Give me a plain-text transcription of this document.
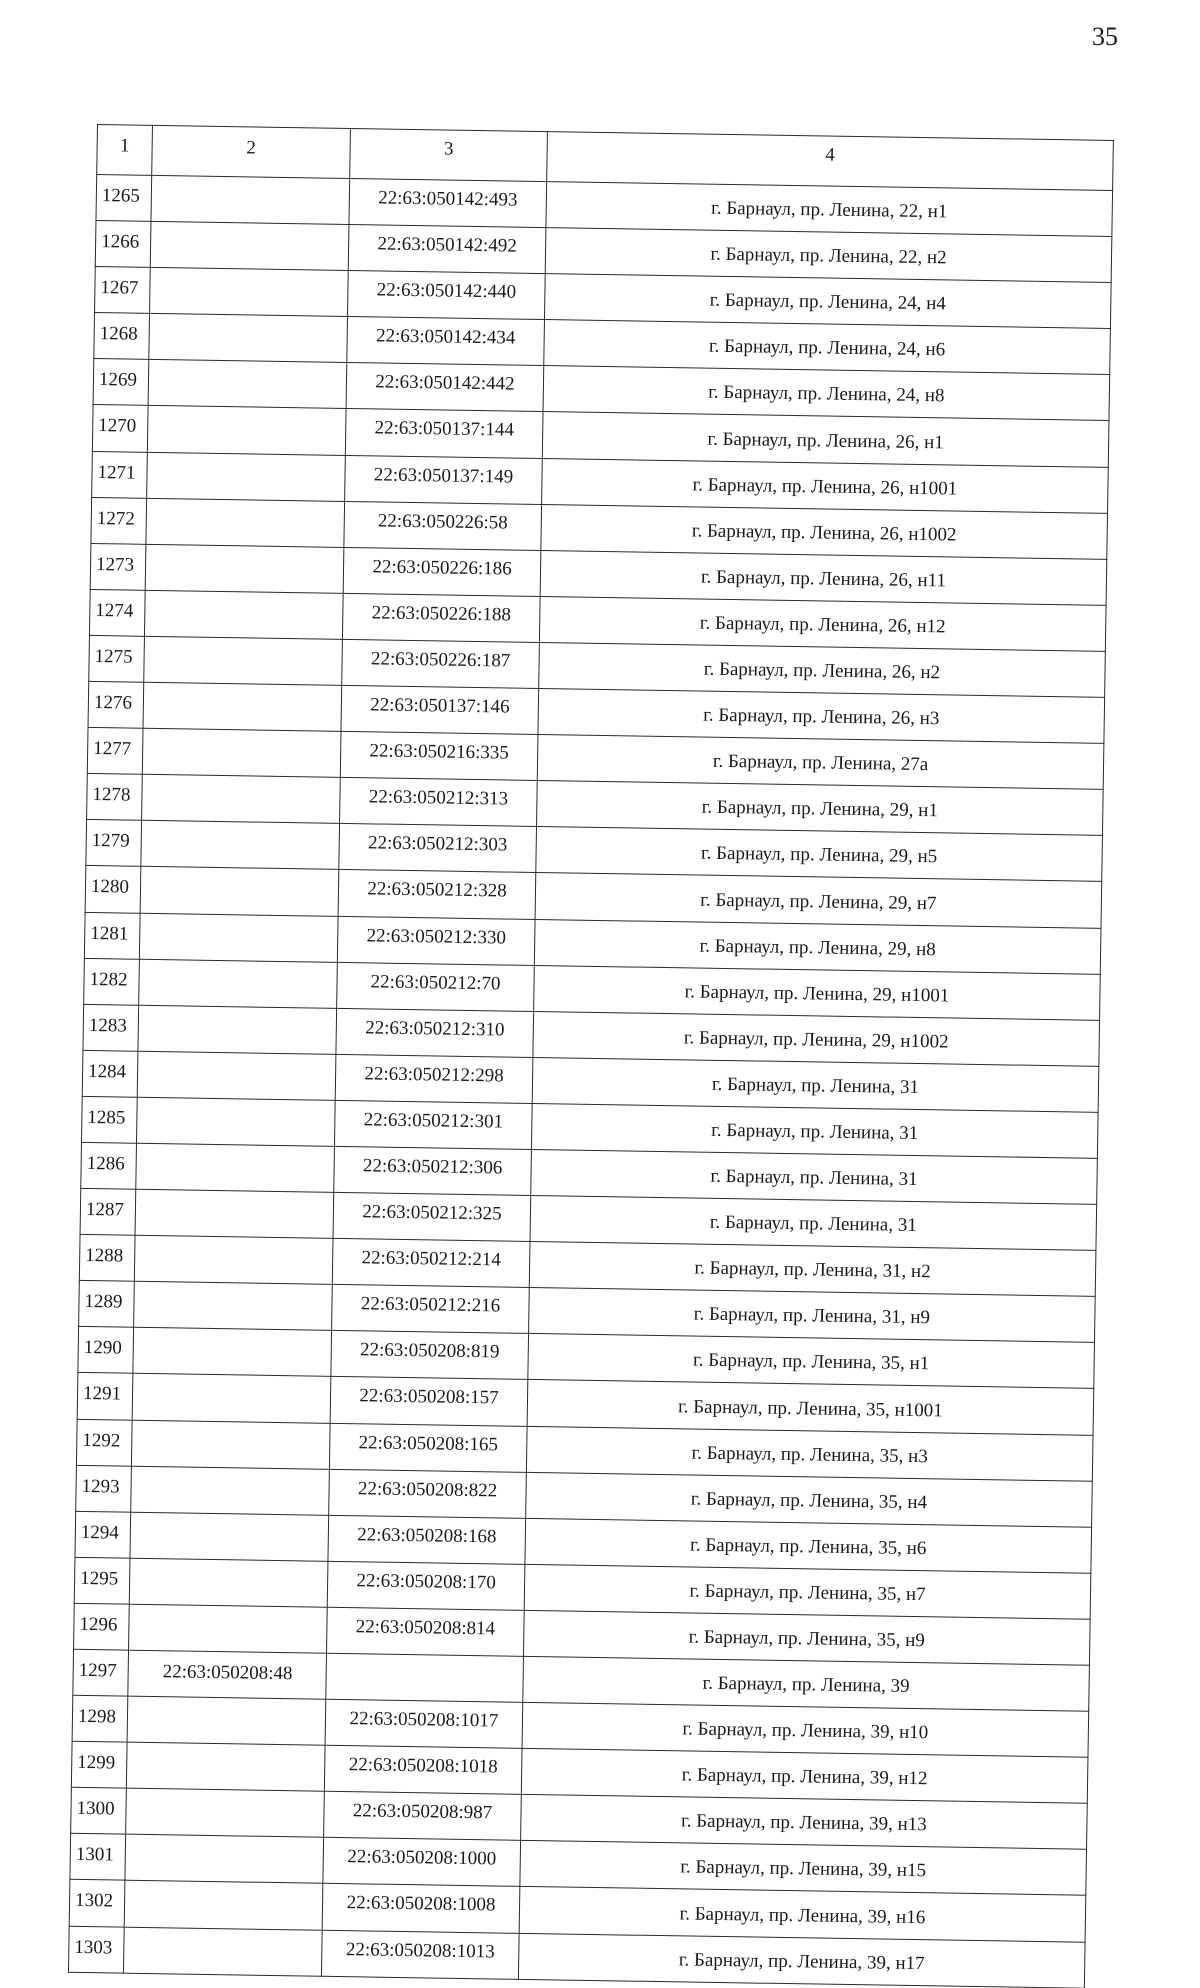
35
1	2	3	4
1265		22:63:050142:493	г. Барнаул, пр. Ленина, 22, н1
1266		22:63:050142:492	г. Барнаул, пр. Ленина, 22, н2
1267		22:63:050142:440	г. Барнаул, пр. Ленина, 24, н4
1268		22:63:050142:434	г. Барнаул, пр. Ленина, 24, н6
1269		22:63:050142:442	г. Барнаул, пр. Ленина, 24, н8
1270		22:63:050137:144	г. Барнаул, пр. Ленина, 26, н1
1271		22:63:050137:149	г. Барнаул, пр. Ленина, 26, н1001
1272		22:63:050226:58	г. Барнаул, пр. Ленина, 26, н1002
1273		22:63:050226:186	г. Барнаул, пр. Ленина, 26, н11
1274		22:63:050226:188	г. Барнаул, пр. Ленина, 26, н12
1275		22:63:050226:187	г. Барнаул, пр. Ленина, 26, н2
1276		22:63:050137:146	г. Барнаул, пр. Ленина, 26, н3
1277		22:63:050216:335	г. Барнаул, пр. Ленина, 27а
1278		22:63:050212:313	г. Барнаул, пр. Ленина, 29, н1
1279		22:63:050212:303	г. Барнаул, пр. Ленина, 29, н5
1280		22:63:050212:328	г. Барнаул, пр. Ленина, 29, н7
1281		22:63:050212:330	г. Барнаул, пр. Ленина, 29, н8
1282		22:63:050212:70	г. Барнаул, пр. Ленина, 29, н1001
1283		22:63:050212:310	г. Барнаул, пр. Ленина, 29, н1002
1284		22:63:050212:298	г. Барнаул, пр. Ленина, 31
1285		22:63:050212:301	г. Барнаул, пр. Ленина, 31
1286		22:63:050212:306	г. Барнаул, пр. Ленина, 31
1287		22:63:050212:325	г. Барнаул, пр. Ленина, 31
1288		22:63:050212:214	г. Барнаул, пр. Ленина, 31, н2
1289		22:63:050212:216	г. Барнаул, пр. Ленина, 31, н9
1290		22:63:050208:819	г. Барнаул, пр. Ленина, 35, н1
1291		22:63:050208:157	г. Барнаул, пр. Ленина, 35, н1001
1292		22:63:050208:165	г. Барнаул, пр. Ленина, 35, н3
1293		22:63:050208:822	г. Барнаул, пр. Ленина, 35, н4
1294		22:63:050208:168	г. Барнаул, пр. Ленина, 35, н6
1295		22:63:050208:170	г. Барнаул, пр. Ленина, 35, н7
1296		22:63:050208:814	г. Барнаул, пр. Ленина, 35, н9
1297	22:63:050208:48		г. Барнаул, пр. Ленина, 39
1298		22:63:050208:1017	г. Барнаул, пр. Ленина, 39, н10
1299		22:63:050208:1018	г. Барнаул, пр. Ленина, 39, н12
1300		22:63:050208:987	г. Барнаул, пр. Ленина, 39, н13
1301		22:63:050208:1000	г. Барнаул, пр. Ленина, 39, н15
1302		22:63:050208:1008	г. Барнаул, пр. Ленина, 39, н16
1303		22:63:050208:1013	г. Барнаул, пр. Ленина, 39, н17
